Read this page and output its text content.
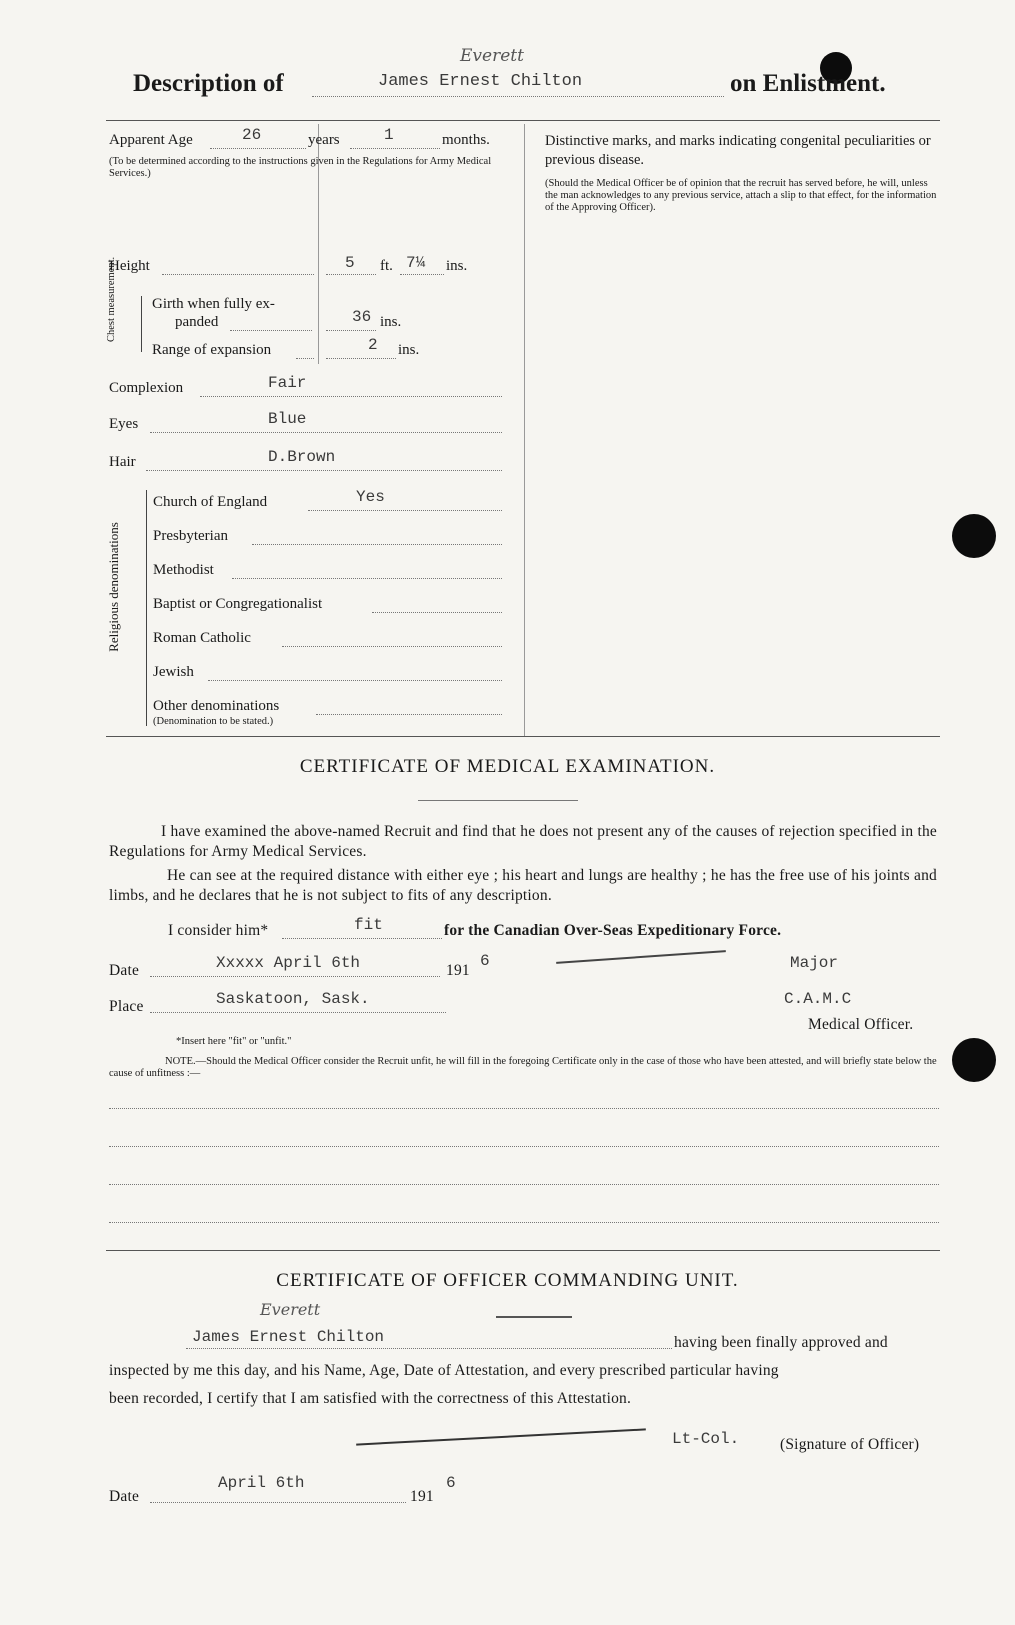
Description of
Everett
James Ernest Chilton	on Enlistment.
Apparent Age	26	years	1	months.
(To be determined according to the instructions given in the Regulations for Army Medical Services.)
Height	5 ft. 7¼ ins.
Chest measurement. Girth when fully ex-
panded	36 ins.
Range of expansion	2 ins.
Complexion	Fair
Eyes	Blue
Hair	D.Brown
Religious denominations
Church of England	Yes
Presbyterian
Methodist
Baptist or Congregationalist
Roman Catholic
Jewish
Other denominations
(Denomination to be stated.)
Distinctive marks, and marks indicating congenital peculiarities or previous disease.
(Should the Medical Officer be of opinion that the recruit has served before, he will, unless the man acknowledges to any previous service, attach a slip to that effect, for the information of the Approving Officer).
CERTIFICATE OF MEDICAL EXAMINATION.
I have examined the above-named Recruit and find that he does not present any of the causes of rejection specified in the Regulations for Army Medical Services.
He can see at the required distance with either eye ; his heart and lungs are healthy ; he has the free use of his joints and limbs, and he declares that he is not subject to fits of any description.
I consider him*	fit	for the Canadian Over-Seas Expeditionary Force.
Date	Xxxxx April 6th	191
6	Major
Place	Saskatoon, Sask.	C.A.M.C
Medical Officer.
*Insert here "fit" or "unfit."
NOTE.—Should the Medical Officer consider the Recruit unfit, he will fill in the foregoing Certificate only in the case of those who have been attested, and will briefly state below the cause of unfitness :—
CERTIFICATE OF OFFICER COMMANDING UNIT.
Everett
James Ernest Chilton	having been finally approved and
inspected by me this day, and his Name, Age, Date of Attestation, and every prescribed particular having
been recorded, I certify that I am satisfied with the correctness of this Attestation.
Lt-Col.	(Signature of Officer)
Date
April 6th
191
6
